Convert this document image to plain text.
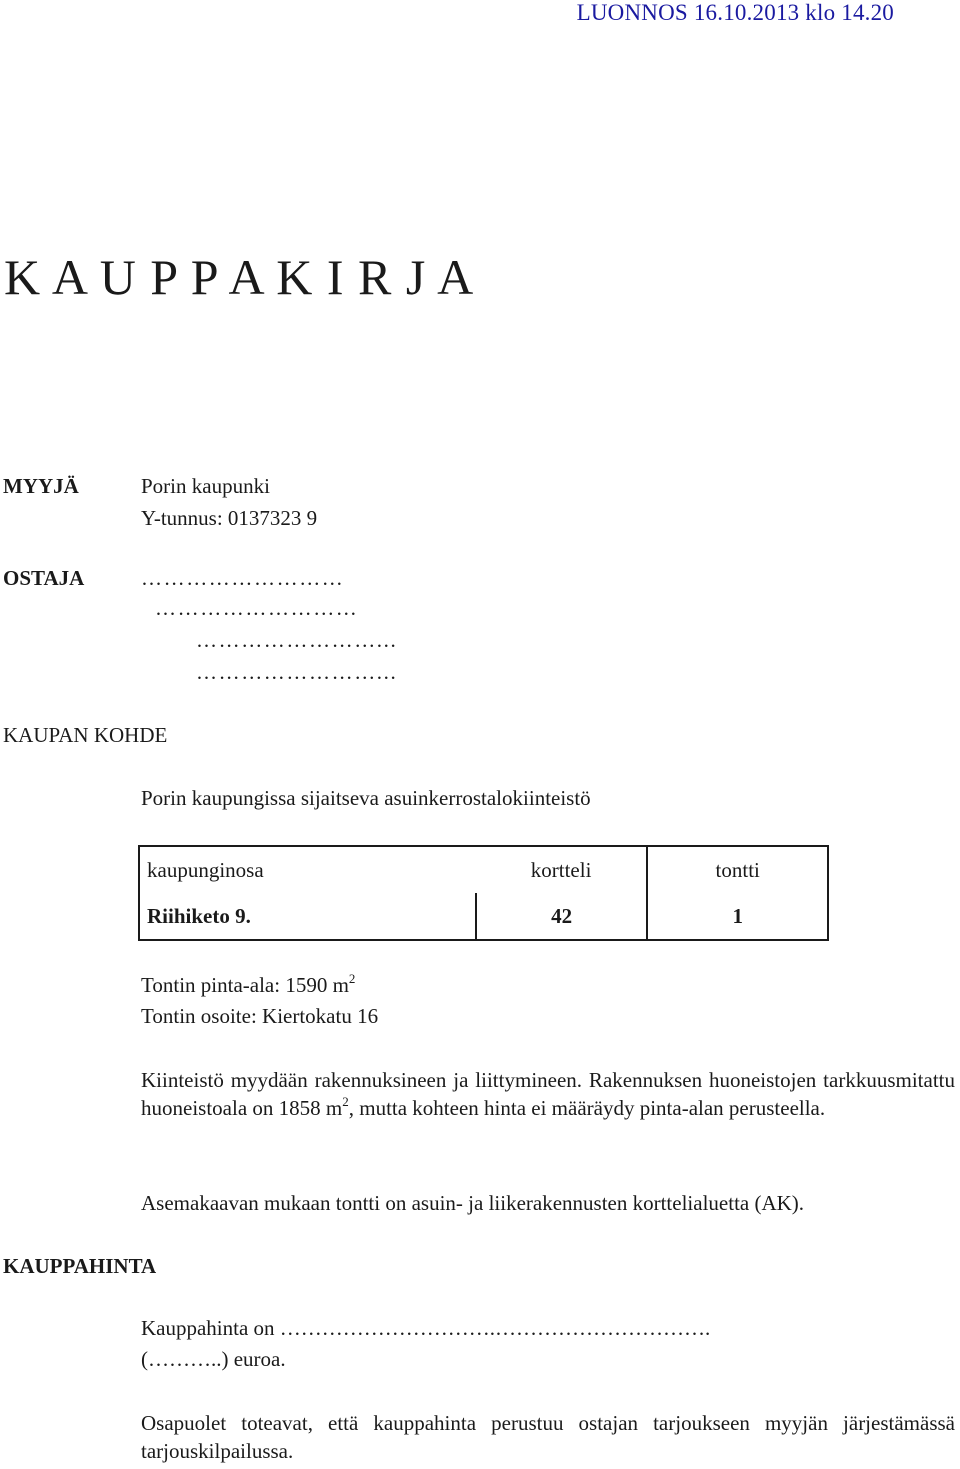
LUONNOS 16.10.2013 klo 14.20
K A U P P A K I R J A
MYYJÄ	Porin kaupunki
Y-tunnus: 0137323 9
OSTAJA	………………………
………………………
……………………...
……………………...
KAUPAN KOHDE
Porin kaupungissa sijaitseva asuinkerrostalokiinteistö
kaupunginosa	kortteli	tontti
Riihiketo 9.	42	1
Tontin pinta-ala: 1590 $m^2$
Tontin osoite: Kiertokatu 16
Kiinteistö myydään rakennuksineen ja liittymineen. Rakennuksen huoneistojen tarkkuusmitattu huoneistoala on 1858 $m^2$, mutta kohteen hinta ei määräydy pinta-alan perusteella.
Asemakaavan mukaan tontti on asuin- ja liikerakennusten korttelialuetta (AK).
KAUPPAHINTA
Kauppahinta on ………………………….………………………….
(………..) euroa.
Osapuolet toteavat, että kauppahinta perustuu ostajan tarjoukseen myyjän järjestämässä tarjouskilpailussa.
